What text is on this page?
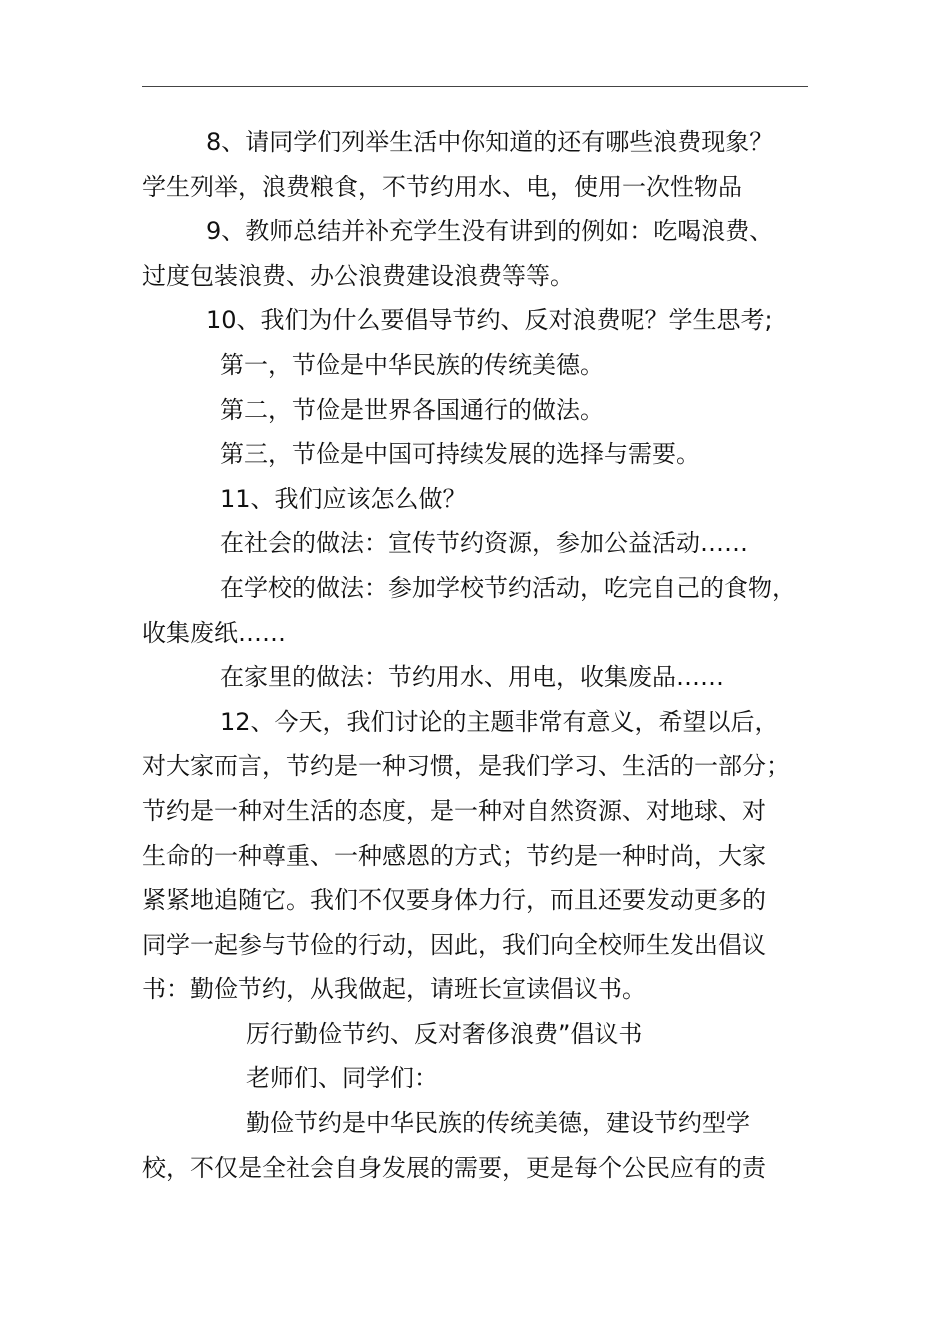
8、请同学们列举生活中你知道的还有哪些浪费现象？
学生列举，浪费粮食，不节约用水、电，使用一次性物品
9、教师总结并补充学生没有讲到的例如：吃喝浪费、
过度包装浪费、办公浪费建设浪费等等。
10、我们为什么要倡导节约、反对浪费呢？学生思考;
第一，节俭是中华民族的传统美德。
第二，节俭是世界各国通行的做法。
第三，节俭是中国可持续发展的选择与需要。
11、我们应该怎么做？
在社会的做法：宣传节约资源，参加公益活动……
在学校的做法：参加学校节约活动，吃完自己的食物，
收集废纸……
在家里的做法：节约用水、用电，收集废品……
12、今天，我们讨论的主题非常有意义，希望以后，
对大家而言，节约是一种习惯，是我们学习、生活的一部分；
节约是一种对生活的态度，是一种对自然资源、对地球、对
生命的一种尊重、一种感恩的方式；节约是一种时尚，大家
紧紧地追随它。我们不仅要身体力行，而且还要发动更多的
同学一起参与节俭的行动，因此，我们向全校师生发出倡议
书：勤俭节约，从我做起，请班长宣读倡议书。
厉行勤俭节约、反对奢侈浪费”倡议书
老师们、同学们：
勤俭节约是中华民族的传统美德，建设节约型学
校，不仅是全社会自身发展的需要，更是每个公民应有的责
